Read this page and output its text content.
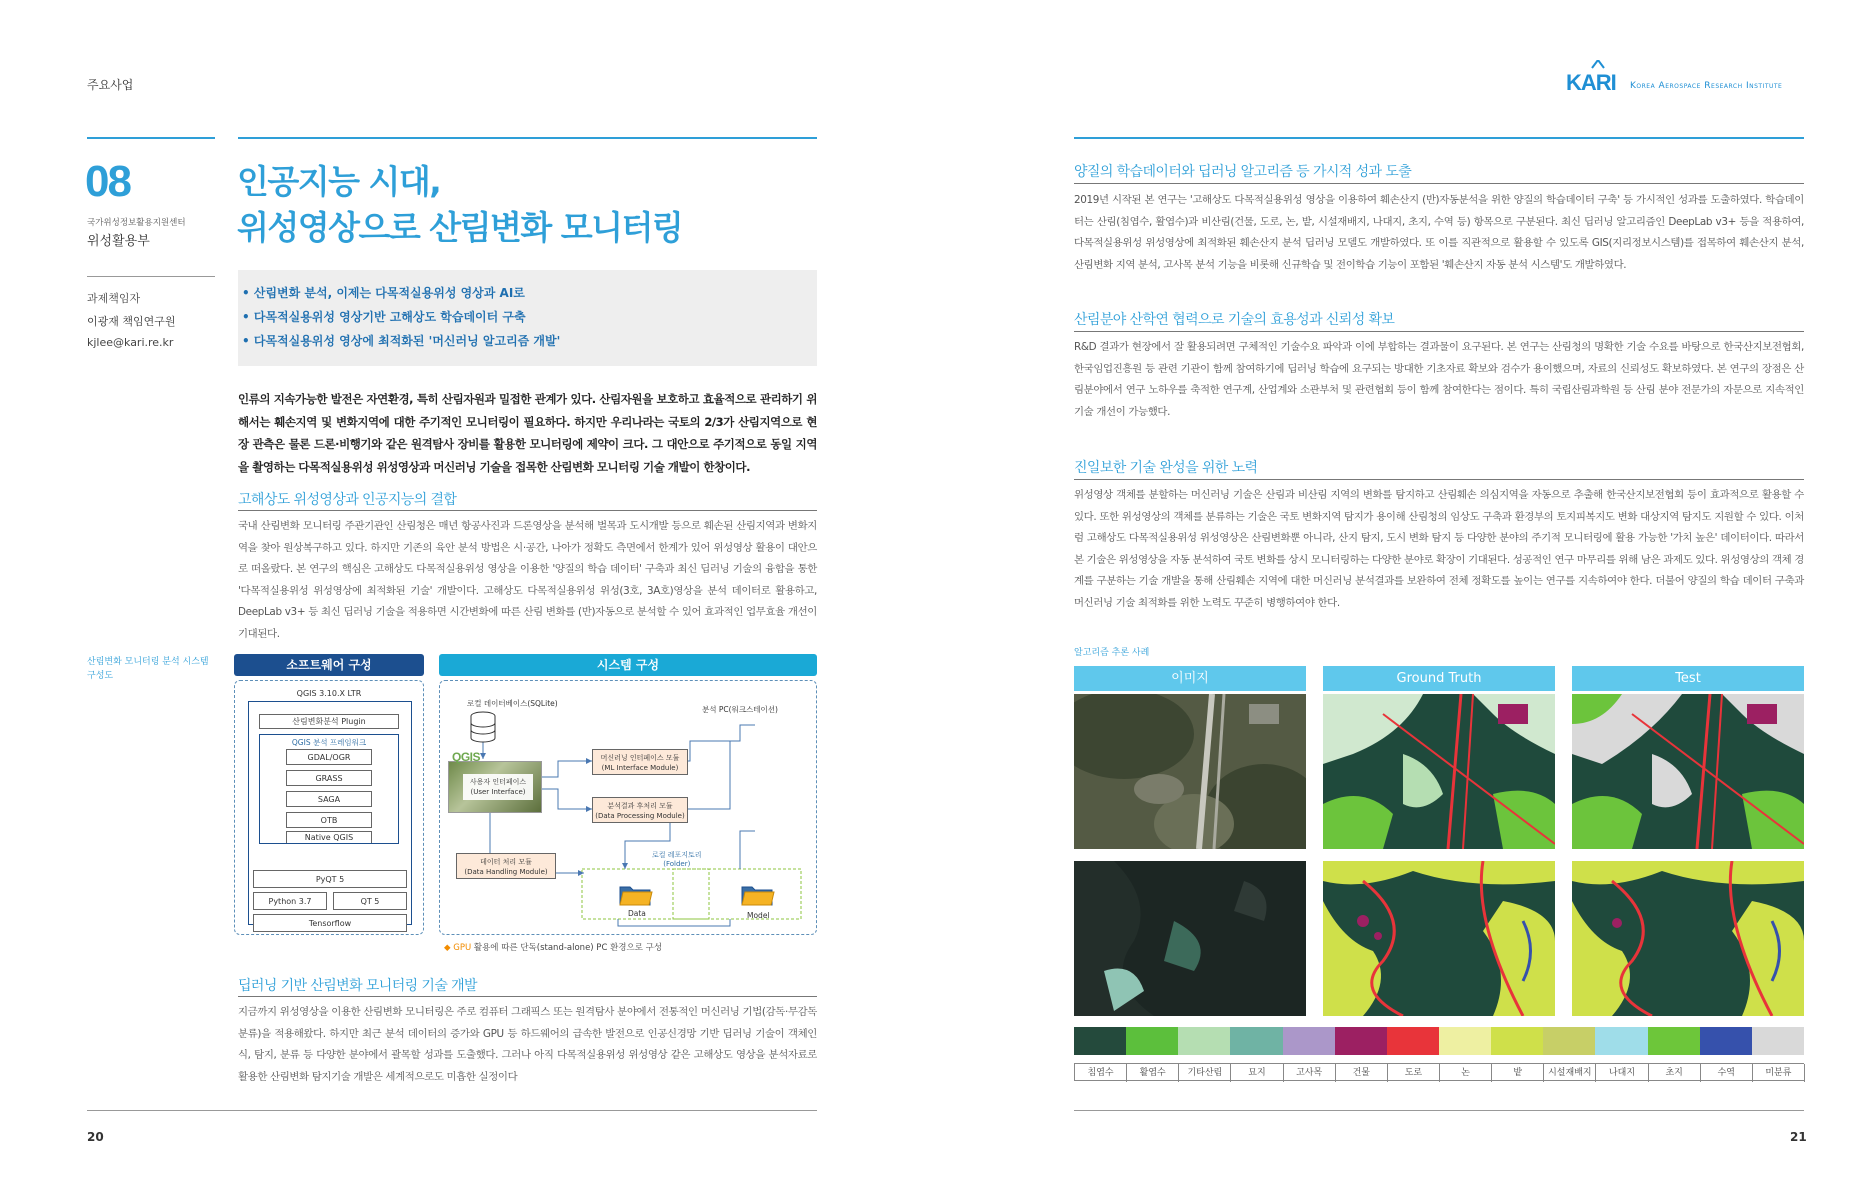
주요사업
08
국가위성정보활용지원센터
위성활용부
과제책임자
이광재 책임연구원
kjlee@kari.re.kr
인공지능 시대,
위성영상으로 산림변화 모니터링
• 산림변화 분석, 이제는 다목적실용위성 영상과 AI로
• 다목적실용위성 영상기반 고해상도 학습데이터 구축
• 다목적실용위성 영상에 최적화된 '머신러닝 알고리즘 개발'
인류의 지속가능한 발전은 자연환경, 특히 산림자원과 밀접한 관계가 있다. 산림자원을 보호하고 효율적으로 관리하기 위해서는 훼손지역 및 변화지역에 대한 주기적인 모니터링이 필요하다. 하지만 우리나라는 국토의 2/3가 산림지역으로 현장 관측은 물론 드론·비행기와 같은 원격탐사 장비를 활용한 모니터링에 제약이 크다. 그 대안으로 주기적으로 동일 지역을 촬영하는 다목적실용위성 위성영상과 머신러닝 기술을 접목한 산림변화 모니터링 기술 개발이 한창이다.
고해상도 위성영상과 인공지능의 결합
국내 산림변화 모니터링 주관기관인 산림청은 매년 항공사진과 드론영상을 분석해 벌목과 도시개발 등으로 훼손된 산림지역과 변화지역을 찾아 원상복구하고 있다. 하지만 기존의 육안 분석 방법은 시·공간, 나아가 정확도 측면에서 한계가 있어 위성영상 활용이 대안으로 떠올랐다. 본 연구의 핵심은 고해상도 다목적실용위성 영상을 이용한 '양질의 학습 데이터' 구축과 최신 딥러닝 기술의 융합을 통한 '다목적실용위성 위성영상에 최적화된 기술' 개발이다. 고해상도 다목적실용위성 위성(3호, 3A호)영상을 분석 데이터로 활용하고, DeepLab v3+ 등 최신 딥러닝 기술을 적용하면 시간변화에 따른 산림 변화를 (반)자동으로 분석할 수 있어 효과적인 업무효율 개선이 기대된다.
산림변화 모니터링 분석 시스템 구성도
소프트웨어 구성
QGIS 3.10.X LTR
산림변화분석 Plugin
QGIS 분석 프레임워크
GDAL/OGR
GRASS
SAGA
OTB
Native QGIS
PyQT 5
Python 3.7	QT 5
Tensorflow
시스템 구성
로컬 데이터베이스(SQLite)
분석 PC(워크스테이션)
QGIS
사용자 인터페이스
(User Interface)
머신러닝 인터페이스 모듈
(ML Interface Module)
분석결과 후처리 모듈
(Data Processing Module)
데이터 처리 모듈
(Data Handling Module)
로컬 레포지토리
(Folder)
Data	Model
◆ GPU 활용에 따른 단독(stand-alone) PC 환경으로 구성
딥러닝 기반 산림변화 모니터링 기술 개발
지금까지 위성영상을 이용한 산림변화 모니터링은 주로 컴퓨터 그래픽스 또는 원격탐사 분야에서 전통적인 머신러닝 기법(감독·무감독 분류)을 적용해왔다. 하지만 최근 분석 데이터의 증가와 GPU 등 하드웨어의 급속한 발전으로 인공신경망 기반 딥러닝 기술이 객체인식, 탐지, 분류 등 다양한 분야에서 괄목할 성과를 도출했다. 그러나 아직 다목적실용위성 위성영상 같은 고해상도 영상을 분석자료로 활용한 산림변화 탐지기술 개발은 세계적으로도 미흡한 실정이다
20
KARI Korea Aerospace Research Institute
양질의 학습데이터와 딥러닝 알고리즘 등 가시적 성과 도출
2019년 시작된 본 연구는 '고해상도 다목적실용위성 영상을 이용하여 훼손산지 (반)자동분석을 위한 양질의 학습데이터 구축' 등 가시적인 성과를 도출하였다. 학습데이터는 산림(침엽수, 활엽수)과 비산림(건물, 도로, 논, 밭, 시설재배지, 나대지, 초지, 수역 등) 항목으로 구분된다. 최신 딥러닝 알고리즘인 DeepLab v3+ 등을 적용하여, 다목적실용위성 위성영상에 최적화된 훼손산지 분석 딥러닝 모델도 개발하였다. 또 이를 직관적으로 활용할 수 있도록 GIS(지리정보시스템)를 접목하여 훼손산지 분석, 산림변화 지역 분석, 고사목 분석 기능을 비롯해 신규학습 및 전이학습 기능이 포함된 '훼손산지 자동 분석 시스템'도 개발하였다.
산림분야 산학연 협력으로 기술의 효용성과 신뢰성 확보
R&D 결과가 현장에서 잘 활용되려면 구체적인 기술수요 파악과 이에 부합하는 결과물이 요구된다. 본 연구는 산림청의 명확한 기술 수요를 바탕으로 한국산지보전협회, 한국임업진흥원 등 관련 기관이 함께 참여하기에 딥러닝 학습에 요구되는 방대한 기초자료 확보와 검수가 용이했으며, 자료의 신뢰성도 확보하였다. 본 연구의 장점은 산림분야에서 연구 노하우를 축적한 연구계, 산업계와 소관부처 및 관련협회 등이 함께 참여한다는 점이다. 특히 국립산림과학원 등 산림 분야 전문가의 자문으로 지속적인 기술 개선이 가능했다.
진일보한 기술 완성을 위한 노력
위성영상 객체를 분할하는 머신러닝 기술은 산림과 비산림 지역의 변화를 탐지하고 산림훼손 의심지역을 자동으로 추출해 한국산지보전협회 등이 효과적으로 활용할 수 있다. 또한 위성영상의 객체를 분류하는 기술은 국토 변화지역 탐지가 용이해 산림청의 임상도 구축과 환경부의 토지피복지도 변화 대상지역 탐지도 지원할 수 있다. 이처럼 고해상도 다목적실용위성 위성영상은 산림변화뿐 아니라, 산지 탐지, 도시 변화 탐지 등 다양한 분야의 주기적 모니터링에 활용 가능한 '가치 높은' 데이터이다. 따라서 본 기술은 위성영상을 자동 분석하여 국토 변화를 상시 모니터링하는 다양한 분야로 확장이 기대된다. 성공적인 연구 마무리를 위해 남은 과제도 있다. 위성영상의 객체 경계를 구분하는 기술 개발을 통해 산림훼손 지역에 대한 머신러닝 분석결과를 보완하여 전체 정확도를 높이는 연구를 지속하여야 한다. 더불어 양질의 학습 데이터 구축과 머신러닝 기술 최적화를 위한 노력도 꾸준히 병행하여야 한다.
알고리즘 추론 사례
이미지	Ground Truth	Test
침엽수	활엽수	기타산림	묘지	고사목	건물	도로	논	밭	시설재배지	나대지	초지	수역	미분류
21
